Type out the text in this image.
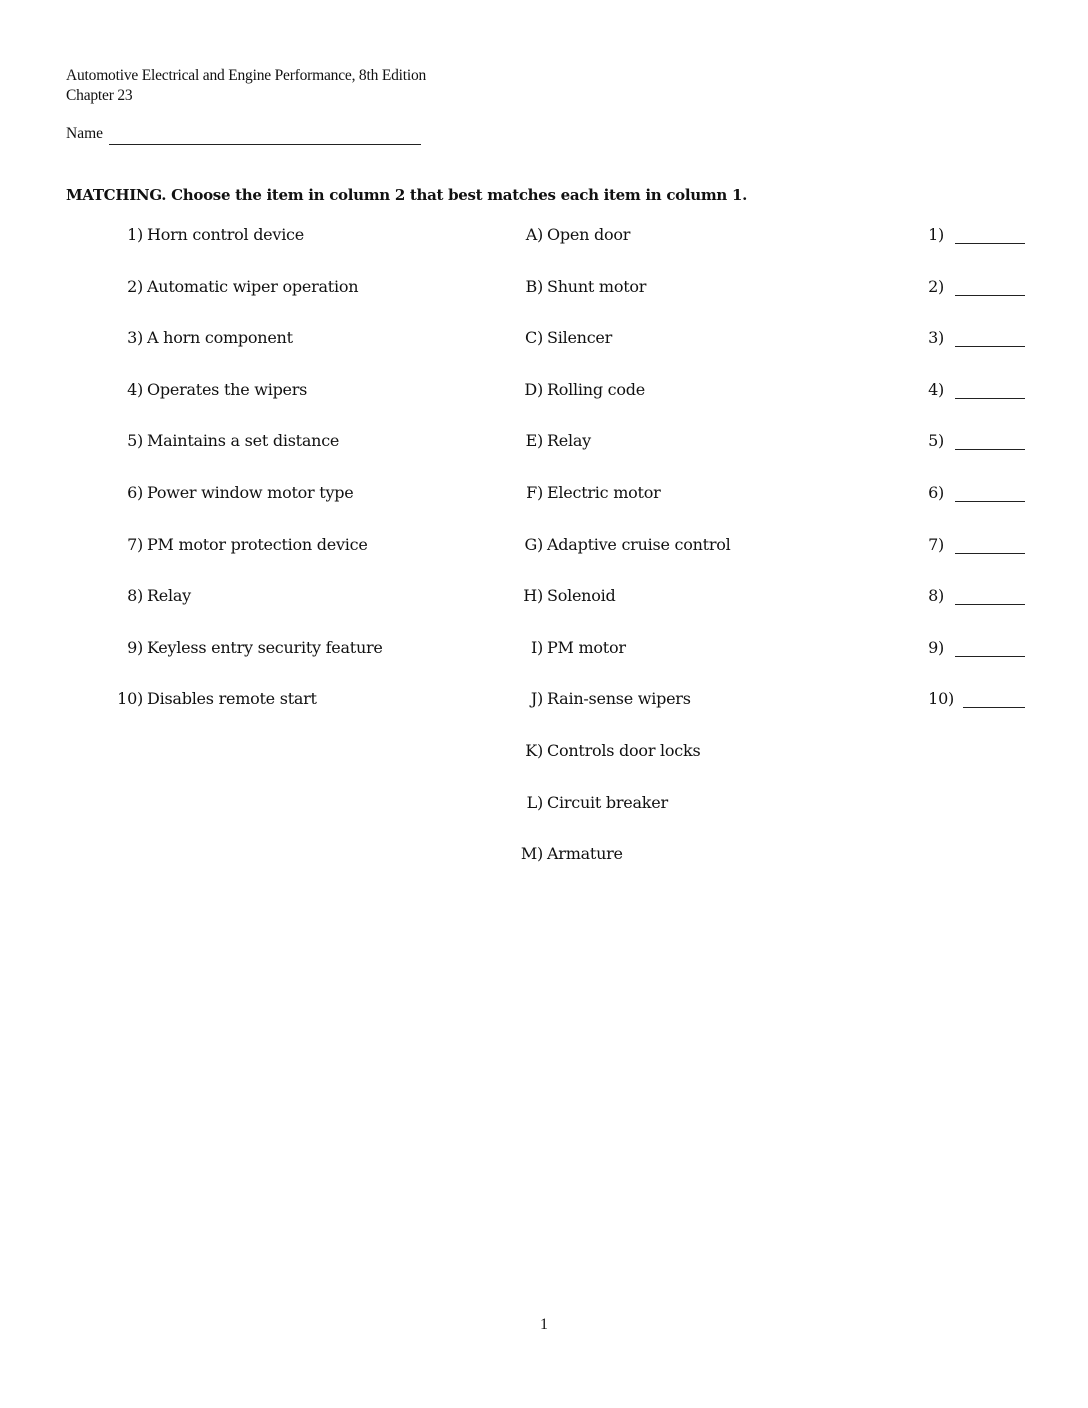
Automotive Electrical and Engine Performance, 8th Edition
Chapter 23
Name
MATCHING. Choose the item in column 2 that best matches each item in column 1.
1) Horn control device
2) Automatic wiper operation
3) A horn component
4) Operates the wipers
5) Maintains a set distance
6) Power window motor type
7) PM motor protection device
8) Relay
9) Keyless entry security feature
10) Disables remote start
A) Open door
B) Shunt motor
C) Silencer
D) Rolling code
E) Relay
F) Electric motor
G) Adaptive cruise control
H) Solenoid
I) PM motor
J) Rain-sense wipers
K) Controls door locks
L) Circuit breaker
M) Armature
1)
2)
3)
4)
5)
6)
7)
8)
9)
10)
1
